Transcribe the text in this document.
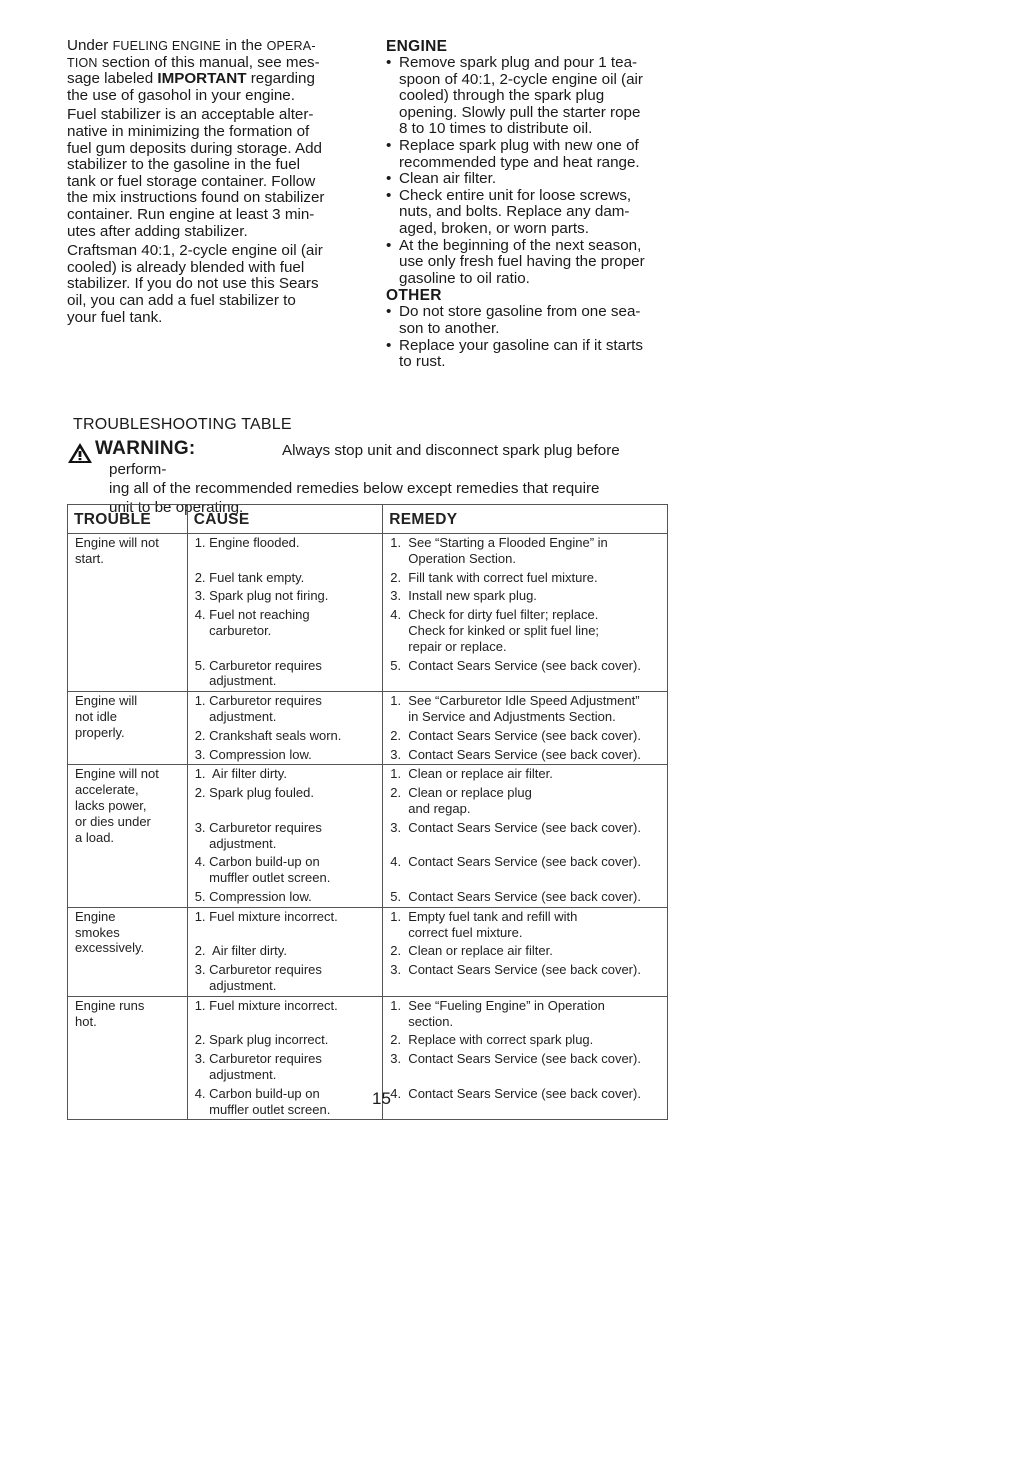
Under FUELING ENGINE in the OPERA-
TION section of this manual, see mes-
sage labeled IMPORTANT regarding
the use of gasohol in your engine.

Fuel stabilizer is an acceptable alter-
native in minimizing the formation of
fuel gum deposits during storage. Add
stabilizer to the gasoline in the fuel
tank or fuel storage container. Follow
the mix instructions found on stabilizer
container. Run engine at least 3 min-
utes after adding stabilizer.

Craftsman 40:1, 2-cycle engine oil (air
cooled) is already blended with fuel
stabilizer. If you do not use this Sears
oil, you can add a fuel stabilizer to
your fuel tank.

ENGINE
• Remove spark plug and pour 1 tea-
spoon of 40:1, 2-cycle engine oil (air
cooled) through the spark plug
opening. Slowly pull the starter rope
8 to 10 times to distribute oil.
• Replace spark plug with new one of
recommended type and heat range.
• Clean air filter.
• Check entire unit for loose screws,
nuts, and bolts. Replace any dam-
aged, broken, or worn parts.
• At the beginning of the next season,
use only fresh fuel having the proper
gasoline to oil ratio.
OTHER
• Do not store gasoline from one sea-
son to another.
• Replace your gasoline can if it starts
to rust.
TROUBLESHOOTING TABLE
WARNING:	Always stop unit and disconnect spark plug before perform-
ing all of the recommended remedies below except remedies that require
unit to be operating.
TROUBLE	CAUSE	REMEDY
Engine will not
start.	1. Engine flooded.	1.  See “Starting a Flooded Engine” in
Operation Section.
	2. Fuel tank empty.	2.  Fill tank with correct fuel mixture.
	3. Spark plug not firing.	3.  Install new spark plug.
	4. Fuel not reaching
carburetor.	4.  Check for dirty fuel filter; replace.
Check for kinked or split fuel line;
repair or replace.
	5. Carburetor requires
adjustment.	5.  Contact Sears Service (see back cover).
Engine will
not idle
properly.	1. Carburetor requires
adjustment.	1.  See “Carburetor Idle Speed Adjustment”
in Service and Adjustments Section.
	2. Crankshaft seals worn.	2.  Contact Sears Service (see back cover).
	3. Compression low.	3.  Contact Sears Service (see back cover).
Engine will not
accelerate,
lacks power,
or dies under
a load.	1.  Air filter dirty.	1.  Clean or replace air filter.
	2. Spark plug fouled.	2.  Clean or replace plug
and regap.
	3. Carburetor requires
adjustment.	3.  Contact Sears Service (see back cover).

	4. Carbon build-up on
muffler outlet screen.	4.  Contact Sears Service (see back cover).

	5. Compression low.	5.  Contact Sears Service (see back cover).
Engine
smokes
excessively.	1. Fuel mixture incorrect.	1.  Empty fuel tank and refill with
correct fuel mixture.
	2.  Air filter dirty.	2.  Clean or replace air filter.
	3. Carburetor requires
adjustment.	3.  Contact Sears Service (see back cover).

Engine runs
hot.	1. Fuel mixture incorrect.	1.  See “Fueling Engine” in Operation
section.
	2. Spark plug incorrect.	2.  Replace with correct spark plug.
	3. Carburetor requires
adjustment.	3.  Contact Sears Service (see back cover).

	4. Carbon build-up on
muffler outlet screen.	4.  Contact Sears Service (see back cover).

15
